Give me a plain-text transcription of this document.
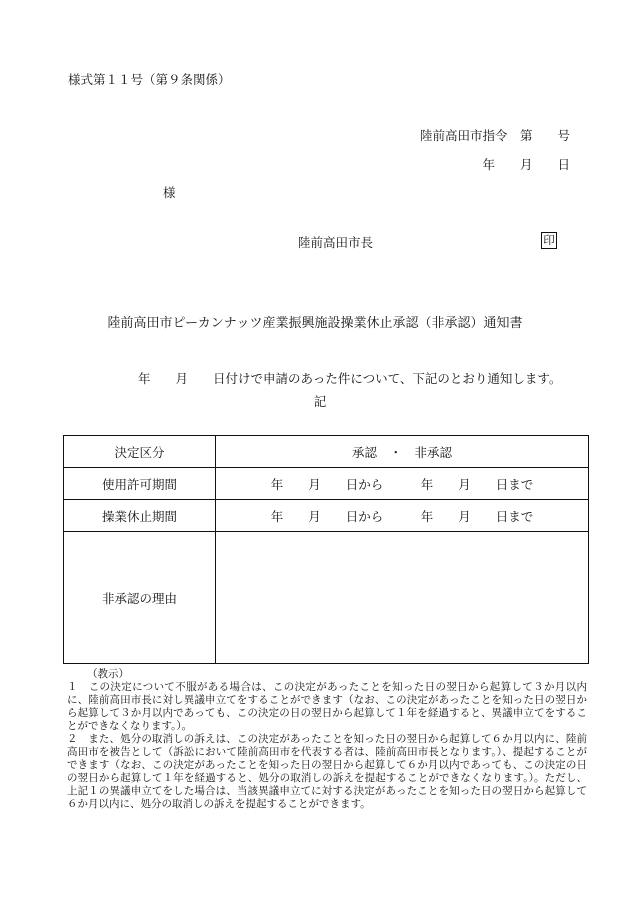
様式第１１号（第９条関係）
陸前高田市指令　第　　号
年　　月　　日
様
陸前高田市長	印
陸前高田市ピーカンナッツ産業振興施設操業休止承認（非承認）通知書
年　　月　　日付けで申請のあった件について、下記のとおり通知します。
記
決定区分	承認　・　非承認
使用許可期間	年　　月　　日から　　　年　　月　　日まで
操業休止期間	年　　月　　日から　　　年　　月　　日まで
非承認の理由	

（教示）

１　この決定について不服がある場合は、この決定があったことを知った日の翌日から起算して３か月以内に、陸前高田市長に対し異議申立てをすることができます（なお、この決定があったことを知った日の翌日から起算して３か月以内であっても、この決定の日の翌日から起算して１年を経過すると、異議申立てをすることができなくなります。）。

２　また、処分の取消しの訴えは、この決定があったことを知った日の翌日から起算して６か月以内に、陸前高田市を被告として（訴訟において陸前高田市を代表する者は、陸前高田市長となります。）、提起することができます（なお、この決定があったことを知った日の翌日から起算して６か月以内であっても、この決定の日の翌日から起算して１年を経過すると、処分の取消しの訴えを提起することができなくなります。）。ただし、上記１の異議申立てをした場合は、当該異議申立てに対する決定があったことを知った日の翌日から起算して６か月以内に、処分の取消しの訴えを提起することができます。
